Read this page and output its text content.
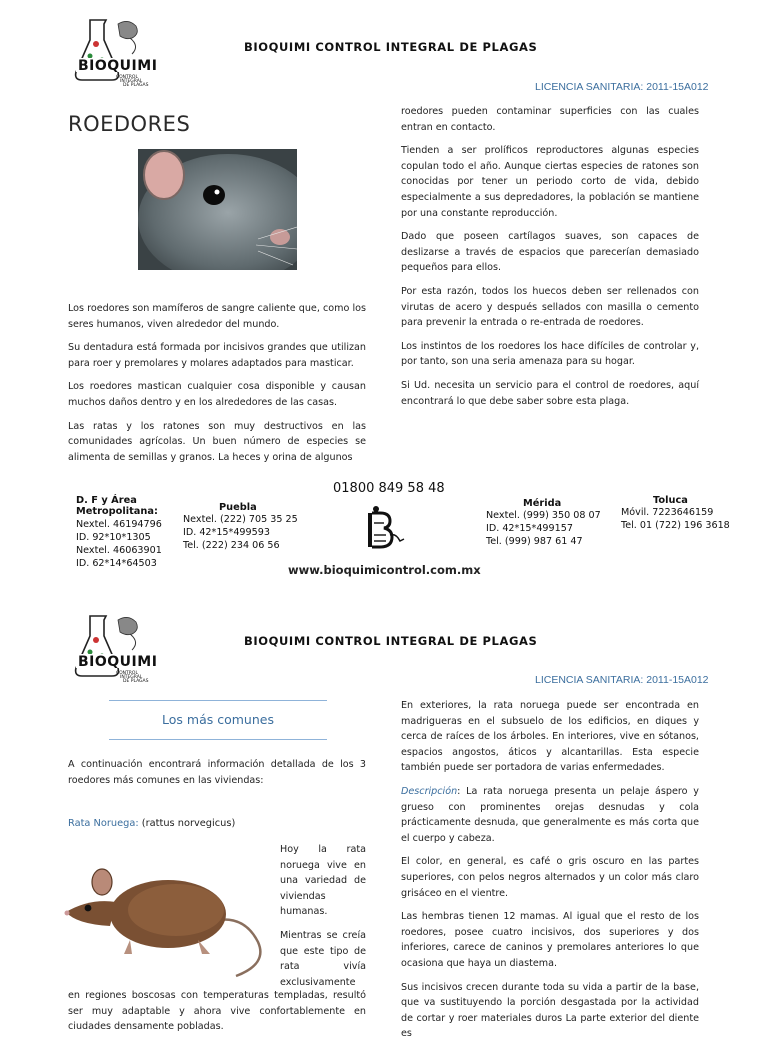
BIOQUIMI
CONTROL
INTEGRAL
DE PLAGAS
BIOQUIMI CONTROL INTEGRAL DE PLAGAS
LICENCIA SANITARIA: 2011-15A012
ROEDORES

Los roedores son mamíferos de sangre caliente que, como los seres humanos, viven alrededor del mundo.

Su dentadura está formada por incisivos grandes que utilizan para roer y premolares y molares adaptados para masticar.

Los roedores mastican cualquier cosa disponible y causan muchos daños dentro y en los alrededores de las casas.

Las ratas y los ratones son muy destructivos en las comunidades agrícolas. Un buen número de especies se alimenta de semillas y granos. La heces y orina de algunos

roedores pueden contaminar superficies con las cuales entran en contacto.

Tienden a ser prolíficos reproductores algunas especies copulan todo el año. Aunque ciertas especies de ratones son conocidas por tener un periodo corto de vida, debido especialmente a sus depredadores, la población se mantiene por una constante reproducción.

Dado que poseen cartílagos suaves, son capaces de deslizarse a través de espacios que parecerían demasiado pequeños para ellos.

Por esta razón, todos los huecos deben ser rellenados con virutas de acero y después sellados con masilla o cemento para prevenir la entrada o re-entrada de roedores.

Los instintos de los roedores los hace difíciles de controlar y, por tanto, son una seria amenaza para su hogar.

Si Ud. necesita un servicio para el control de roedores, aquí encontrará lo que debe saber sobre esta plaga.

01800 849 58 48
D. F y Área
Metropolitana:
Nextel. 46194796
ID. 92*10*1305
Nextel. 46063901
ID. 62*14*64503
Puebla
Nextel. (222) 705 35 25
ID. 42*15*499593
Tel. (222) 234 06 56
Mérida
Nextel. (999) 350 08 07
ID. 42*15*499157
Tel. (999) 987 61 47
Toluca
Móvil. 7223646159
Tel. 01 (722) 196 3618
www.bioquimicontrol.com.mx
BIOQUIMI
CONTROL
INTEGRAL
DE PLAGAS
BIOQUIMI CONTROL INTEGRAL DE PLAGAS
LICENCIA SANITARIA: 2011-15A012
Los más comunes

A continuación encontrará información detallada de los 3 roedores más comunes en las viviendas:

Rata Noruega: (rattus norvegicus)

Hoy la rata noruega vive en una variedad de viviendas humanas.

Mientras se creía que este tipo de rata vivía exclusivamente

en regiones boscosas con temperaturas templadas, resultó ser muy adaptable y ahora vive confortablemente en ciudades densamente pobladas.

En exteriores, la rata noruega puede ser encontrada en madrigueras en el subsuelo de los edificios, en diques y cerca de raíces de los árboles. En interiores, vive en sótanos, espacios angostos, áticos y alcantarillas. Esta especie también puede ser portadora de varias enfermedades.

Descripción: La rata noruega presenta un pelaje áspero y grueso con prominentes orejas desnudas y cola prácticamente desnuda, que generalmente es más corta que el cuerpo y cabeza.

El color, en general, es café o gris oscuro en las partes superiores, con pelos negros alternados y un color más claro grisáceo en el vientre.

Las hembras tienen 12 mamas. Al igual que el resto de los roedores, posee cuatro incisivos, dos superiores y dos inferiores, carece de caninos y premolares anteriores lo que ocasiona que haya un diastema.

Sus incisivos crecen durante toda su vida a partir de la base, que va sustituyendo la porción desgastada por la actividad de cortar y roer materiales duros La parte exterior del diente es
